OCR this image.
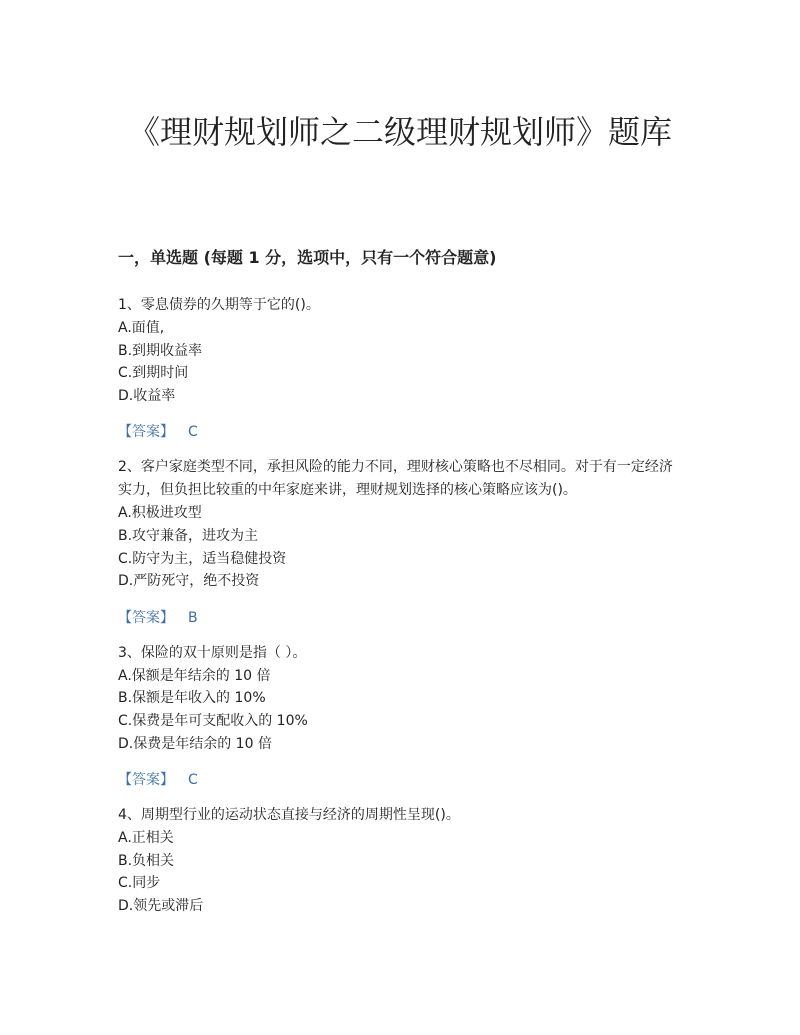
《理财规划师之二级理财规划师》题库
一，单选题 (每题 1 分，选项中，只有一个符合题意)

1、零息债券的久期等于它的()。

A.面值,

B.到期收益率

C.到期时间

D.收益率

【答案】 C

2、客户家庭类型不同，承担风险的能力不同，理财核心策略也不尽相同。对于有一定经济实力，但负担比较重的中年家庭来讲，理财规划选择的核心策略应该为()。

A.积极进攻型

B.攻守兼备，进攻为主

C.防守为主，适当稳健投资

D.严防死守，绝不投资

【答案】 B

3、保险的双十原则是指（ ）。

A.保额是年结余的 10 倍

B.保额是年收入的 10%

C.保费是年可支配收入的 10%

D.保费是年结余的 10 倍

【答案】 C

4、周期型行业的运动状态直接与经济的周期性呈现()。

A.正相关

B.负相关

C.同步

D.领先或滞后
